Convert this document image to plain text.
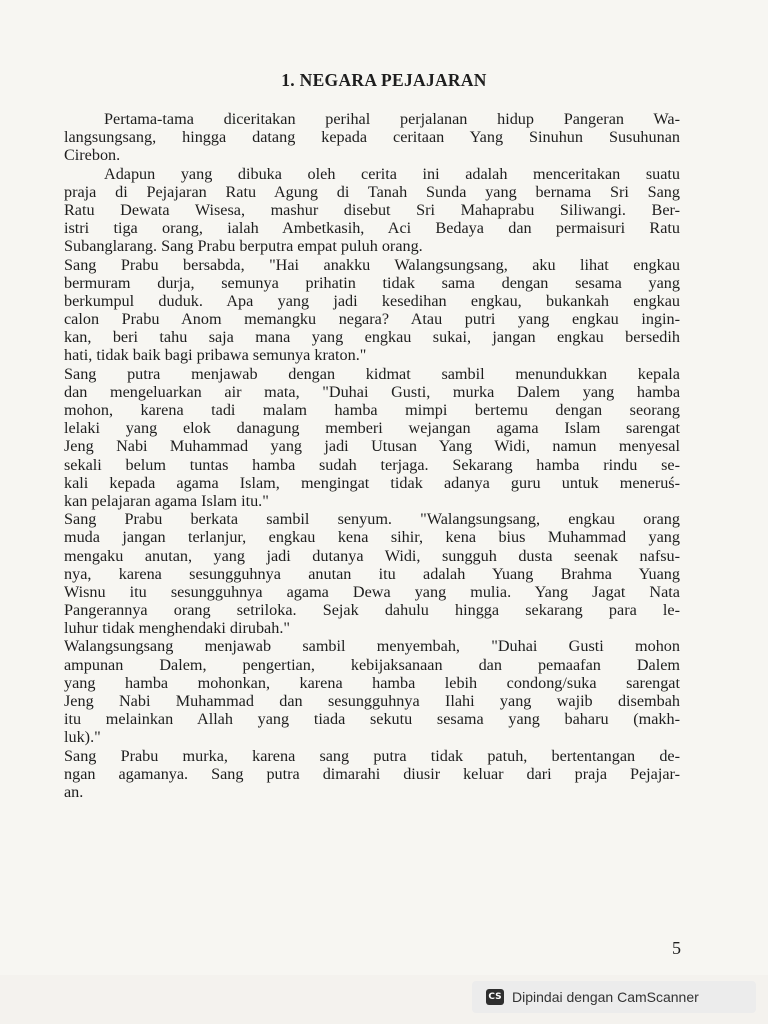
1. NEGARA PEJAJARAN
Pertama-tama diceritakan perihal perjalanan hidup Pangeran Wa-
langsungsang, hingga datang kepada ceritaan Yang Sinuhun Susuhunan
Cirebon.
Adapun yang dibuka oleh cerita ini adalah menceritakan suatu
praja di Pejajaran Ratu Agung di Tanah Sunda yang bernama Sri Sang
Ratu Dewata Wisesa, mashur disebut Sri Mahaprabu Siliwangi. Ber-
istri tiga orang, ialah Ambetkasih, Aci Bedaya dan permaisuri Ratu
Subanglarang. Sang Prabu berputra empat puluh orang.
Sang Prabu bersabda, "Hai anakku Walangsungsang, aku lihat engkau
bermuram durja, semunya prihatin tidak sama dengan sesama yang
berkumpul duduk. Apa yang jadi kesedihan engkau, bukankah engkau
calon Prabu Anom memangku negara? Atau putri yang engkau ingin-
kan, beri tahu saja mana yang engkau sukai, jangan engkau bersedih
hati, tidak baik bagi pribawa semunya kraton."
Sang putra menjawab dengan kidmat sambil menundukkan kepala
dan mengeluarkan air mata, "Duhai Gusti, murka Dalem yang hamba
mohon, karena tadi malam hamba mimpi bertemu dengan seorang
lelaki yang elok danagung memberi wejangan agama Islam sarengat
Jeng Nabi Muhammad yang jadi Utusan Yang Widi, namun menyesal
sekali belum tuntas hamba sudah terjaga. Sekarang hamba rindu se-
kali kepada agama Islam, mengingat tidak adanya guru untuk meneruś-
kan pelajaran agama Islam itu."
Sang Prabu berkata sambil senyum. "Walangsungsang, engkau orang
muda jangan terlanjur, engkau kena sihir, kena bius Muhammad yang
mengaku anutan, yang jadi dutanya Widi, sungguh dusta seenak nafsu-
nya, karena sesungguhnya anutan itu adalah Yuang Brahma Yuang
Wisnu itu sesungguhnya agama Dewa yang mulia. Yang Jagat Nata
Pangerannya orang setriloka. Sejak dahulu hingga sekarang para le-
luhur tidak menghendaki dirubah."
Walangsungsang menjawab sambil menyembah, "Duhai Gusti mohon
ampunan Dalem, pengertian, kebijaksanaan dan pemaafan Dalem
yang hamba mohonkan, karena hamba lebih condong/suka sarengat
Jeng Nabi Muhammad dan sesungguhnya Ilahi yang wajib disembah
itu melainkan Allah yang tiada sekutu sesama yang baharu (makh-
luk)."
Sang Prabu murka, karena sang putra tidak patuh, bertentangan de-
ngan agamanya. Sang putra dimarahi diusir keluar dari praja Pejajar-
an.
5
CS Dipindai dengan CamScanner
